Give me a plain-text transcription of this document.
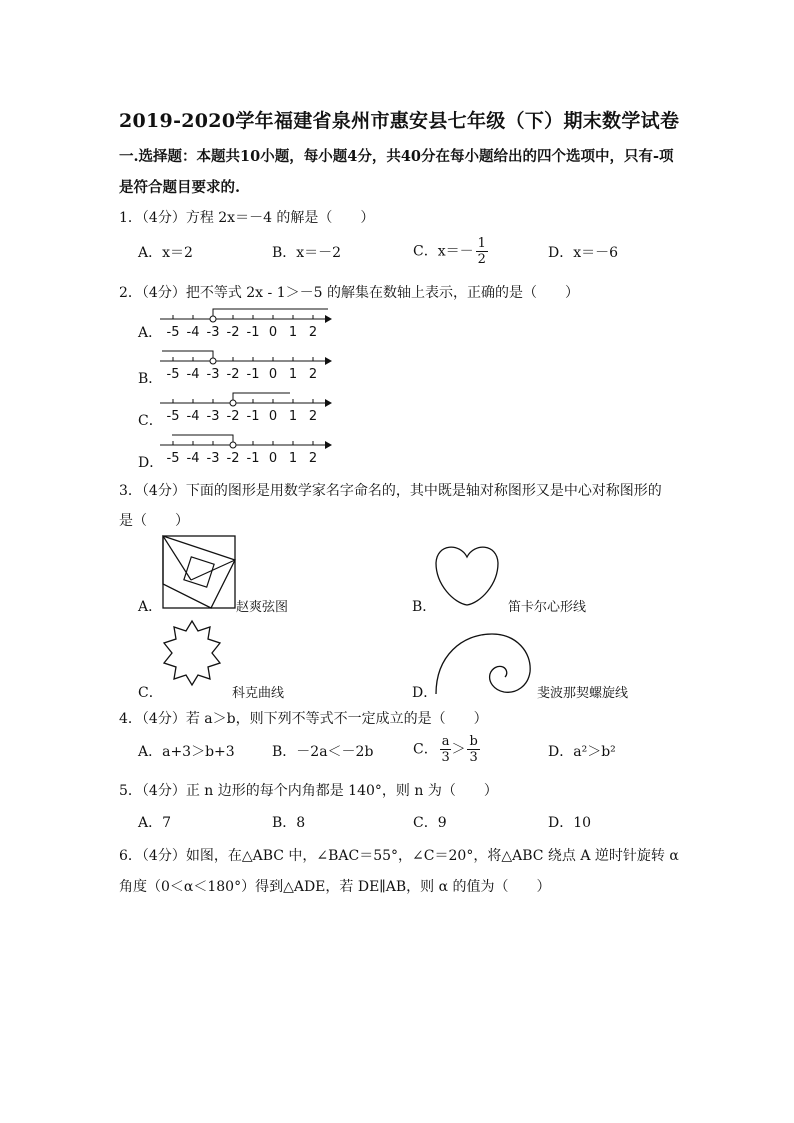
2019-2020学年福建省泉州市惠安县七年级（下）期末数学试卷
一.选择题：本题共10小题，每小题4分，共40分在每小题给出的四个选项中，只有-项
是符合题目要求的.
1．（4分）方程 2x＝－4 的解是（　　）
A．x＝2	B．x＝－2	C．$x=- \frac{1}{2}$	D．x＝－6
2．（4分）把不等式 2x - 1＞－5 的解集在数轴上表示，正确的是（　　）
A． -5 -4 -3 -2 -1 0 1 2
B． -5 -4 -3 -2 -1 0 1 2
C． -5 -4 -3 -2 -1 0 1 2
D． -5 -4 -3 -2 -1 0 1 2
3．（4分）下面的图形是用数学家名字命名的，其中既是轴对称图形又是中心对称图形的
是（　　）
A．	赵爽弦图	B．	笛卡尔心形线
C．	科克曲线	D．	斐波那契螺旋线
4．（4分）若 a＞b，则下列不等式不一定成立的是（　　）
A．a+3＞b+3	B．－2a＜－2b	C． $\frac{a}{3} > \frac{b}{3}$	D．a²＞b²
5．（4分）正 n 边形的每个内角都是 140°，则 n 为（　　）
A．7	B．8	C．9	D．10
6．（4分）如图，在△ABC 中，∠BAC＝55°，∠C＝20°，将△ABC 绕点 A 逆时针旋转 α
角度（0＜α＜180°）得到△ADE，若 DE∥AB，则 α 的值为（　　）
